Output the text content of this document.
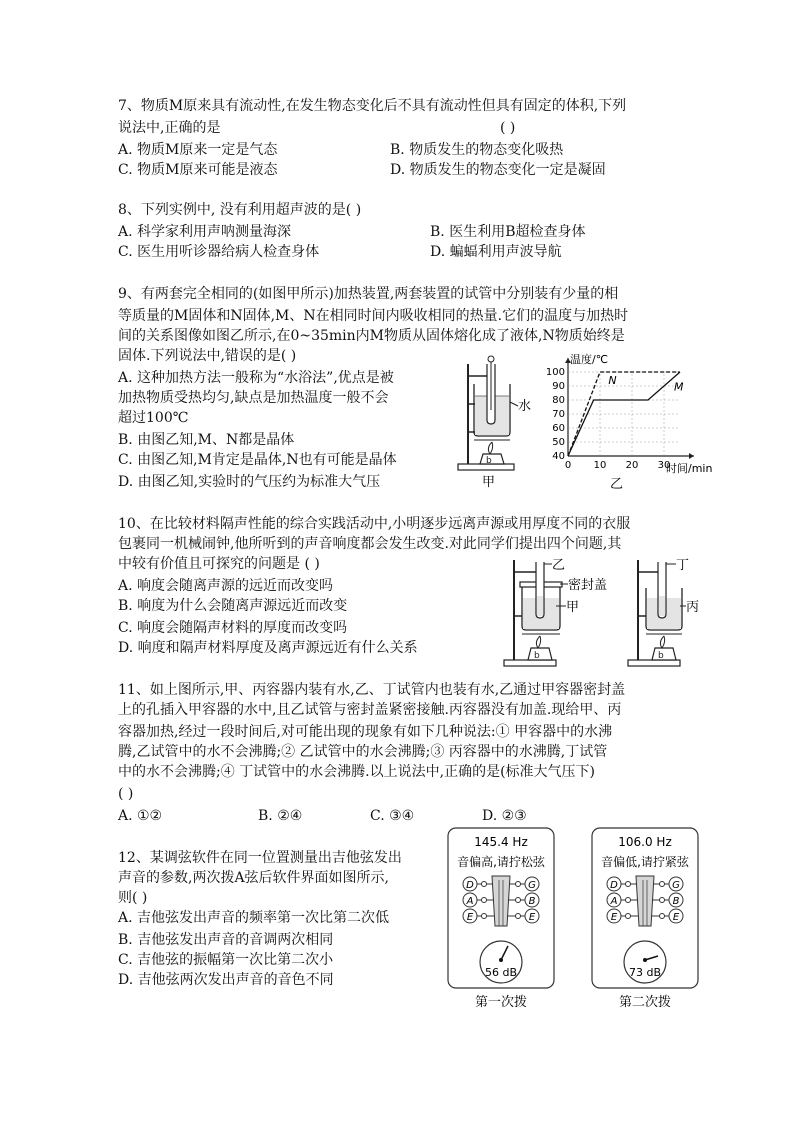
7、物质M原来具有流动性,在发生物态变化后不具有流动性但具有固定的体积,下列
说法中,正确的是	( )
A. 物质M原来一定是气态	B. 物质发生的物态变化吸热
C. 物质M原来可能是液态	D. 物质发生的物态变化一定是凝固
8、下列实例中, 没有利用超声波的是( )
A. 科学家利用声呐测量海深	B. 医生利用B超检查身体
C. 医生用听诊器给病人检查身体	D. 蝙蝠利用声波导航
9、有两套完全相同的(如图甲所示)加热装置,两套装置的试管中分别装有少量的相
等质量的M固体和N固体,M、N在相同时间内吸收相同的热量.它们的温度与加热时
间的关系图像如图乙所示,在0~35min内M物质从固体熔化成了液体,N物质始终是
固体.下列说法中,错误的是( )
A. 这种加热方法一般称为“水浴法”,优点是被
加热物质受热均匀,缺点是加热温度一般不会
超过100℃
B. 由图乙知,M、N都是晶体
C. 由图乙知,M肯定是晶体,N也有可能是晶体
D. 由图乙知,实验时的气压约为标准大气压
水
b
甲
40
50
60
70
80
90
100
0 10 20 30
温度/℃
时间/min
N	M
乙
10、在比较材料隔声性能的综合实践活动中,小明逐步远离声源或用厚度不同的衣服
包裹同一机械闹钟,他所听到的声音响度都会发生改变.对此同学们提出四个问题,其
中较有价值且可探究的问题是 ( )
A. 响度会随离声源的远近而改变吗
B. 响度为什么会随离声源远近而改变
C. 响度会随隔声材料的厚度而改变吗
D. 响度和隔声材料厚度及离声源远近有什么关系	b
乙
密封盖
甲
b
丁
丙
11、如上图所示,甲、丙容器内装有水,乙、丁试管内也装有水,乙通过甲容器密封盖
上的孔插入甲容器的水中,且乙试管与密封盖紧密接触.丙容器没有加盖.现给甲、丙
容器加热,经过一段时间后,对可能出现的现象有如下几种说法:① 甲容器中的水沸
腾,乙试管中的水不会沸腾;② 乙试管中的水会沸腾;③ 丙容器中的水沸腾,丁试管
中的水不会沸腾;④ 丁试管中的水会沸腾.以上说法中,正确的是(标准大气压下)
( )
A. ①②	B. ②④	C. ③④	D. ②③
12、某调弦软件在同一位置测量出吉他弦发出
声音的参数,两次拨A弦后软件界面如图所示,
则( )
A. 吉他弦发出声音的频率第一次比第二次低
B. 吉他弦发出声音的音调两次相同
C. 吉他弦的振幅第一次比第二次小
D. 吉他弦两次发出声音的音色不同
145.4 Hz
音偏高,请拧松弦
D
A
E
G
B
E
56 dB
第一次拨
106.0 Hz
音偏低,请拧紧弦
D
A
E
G
B
E
73 dB
第二次拨
